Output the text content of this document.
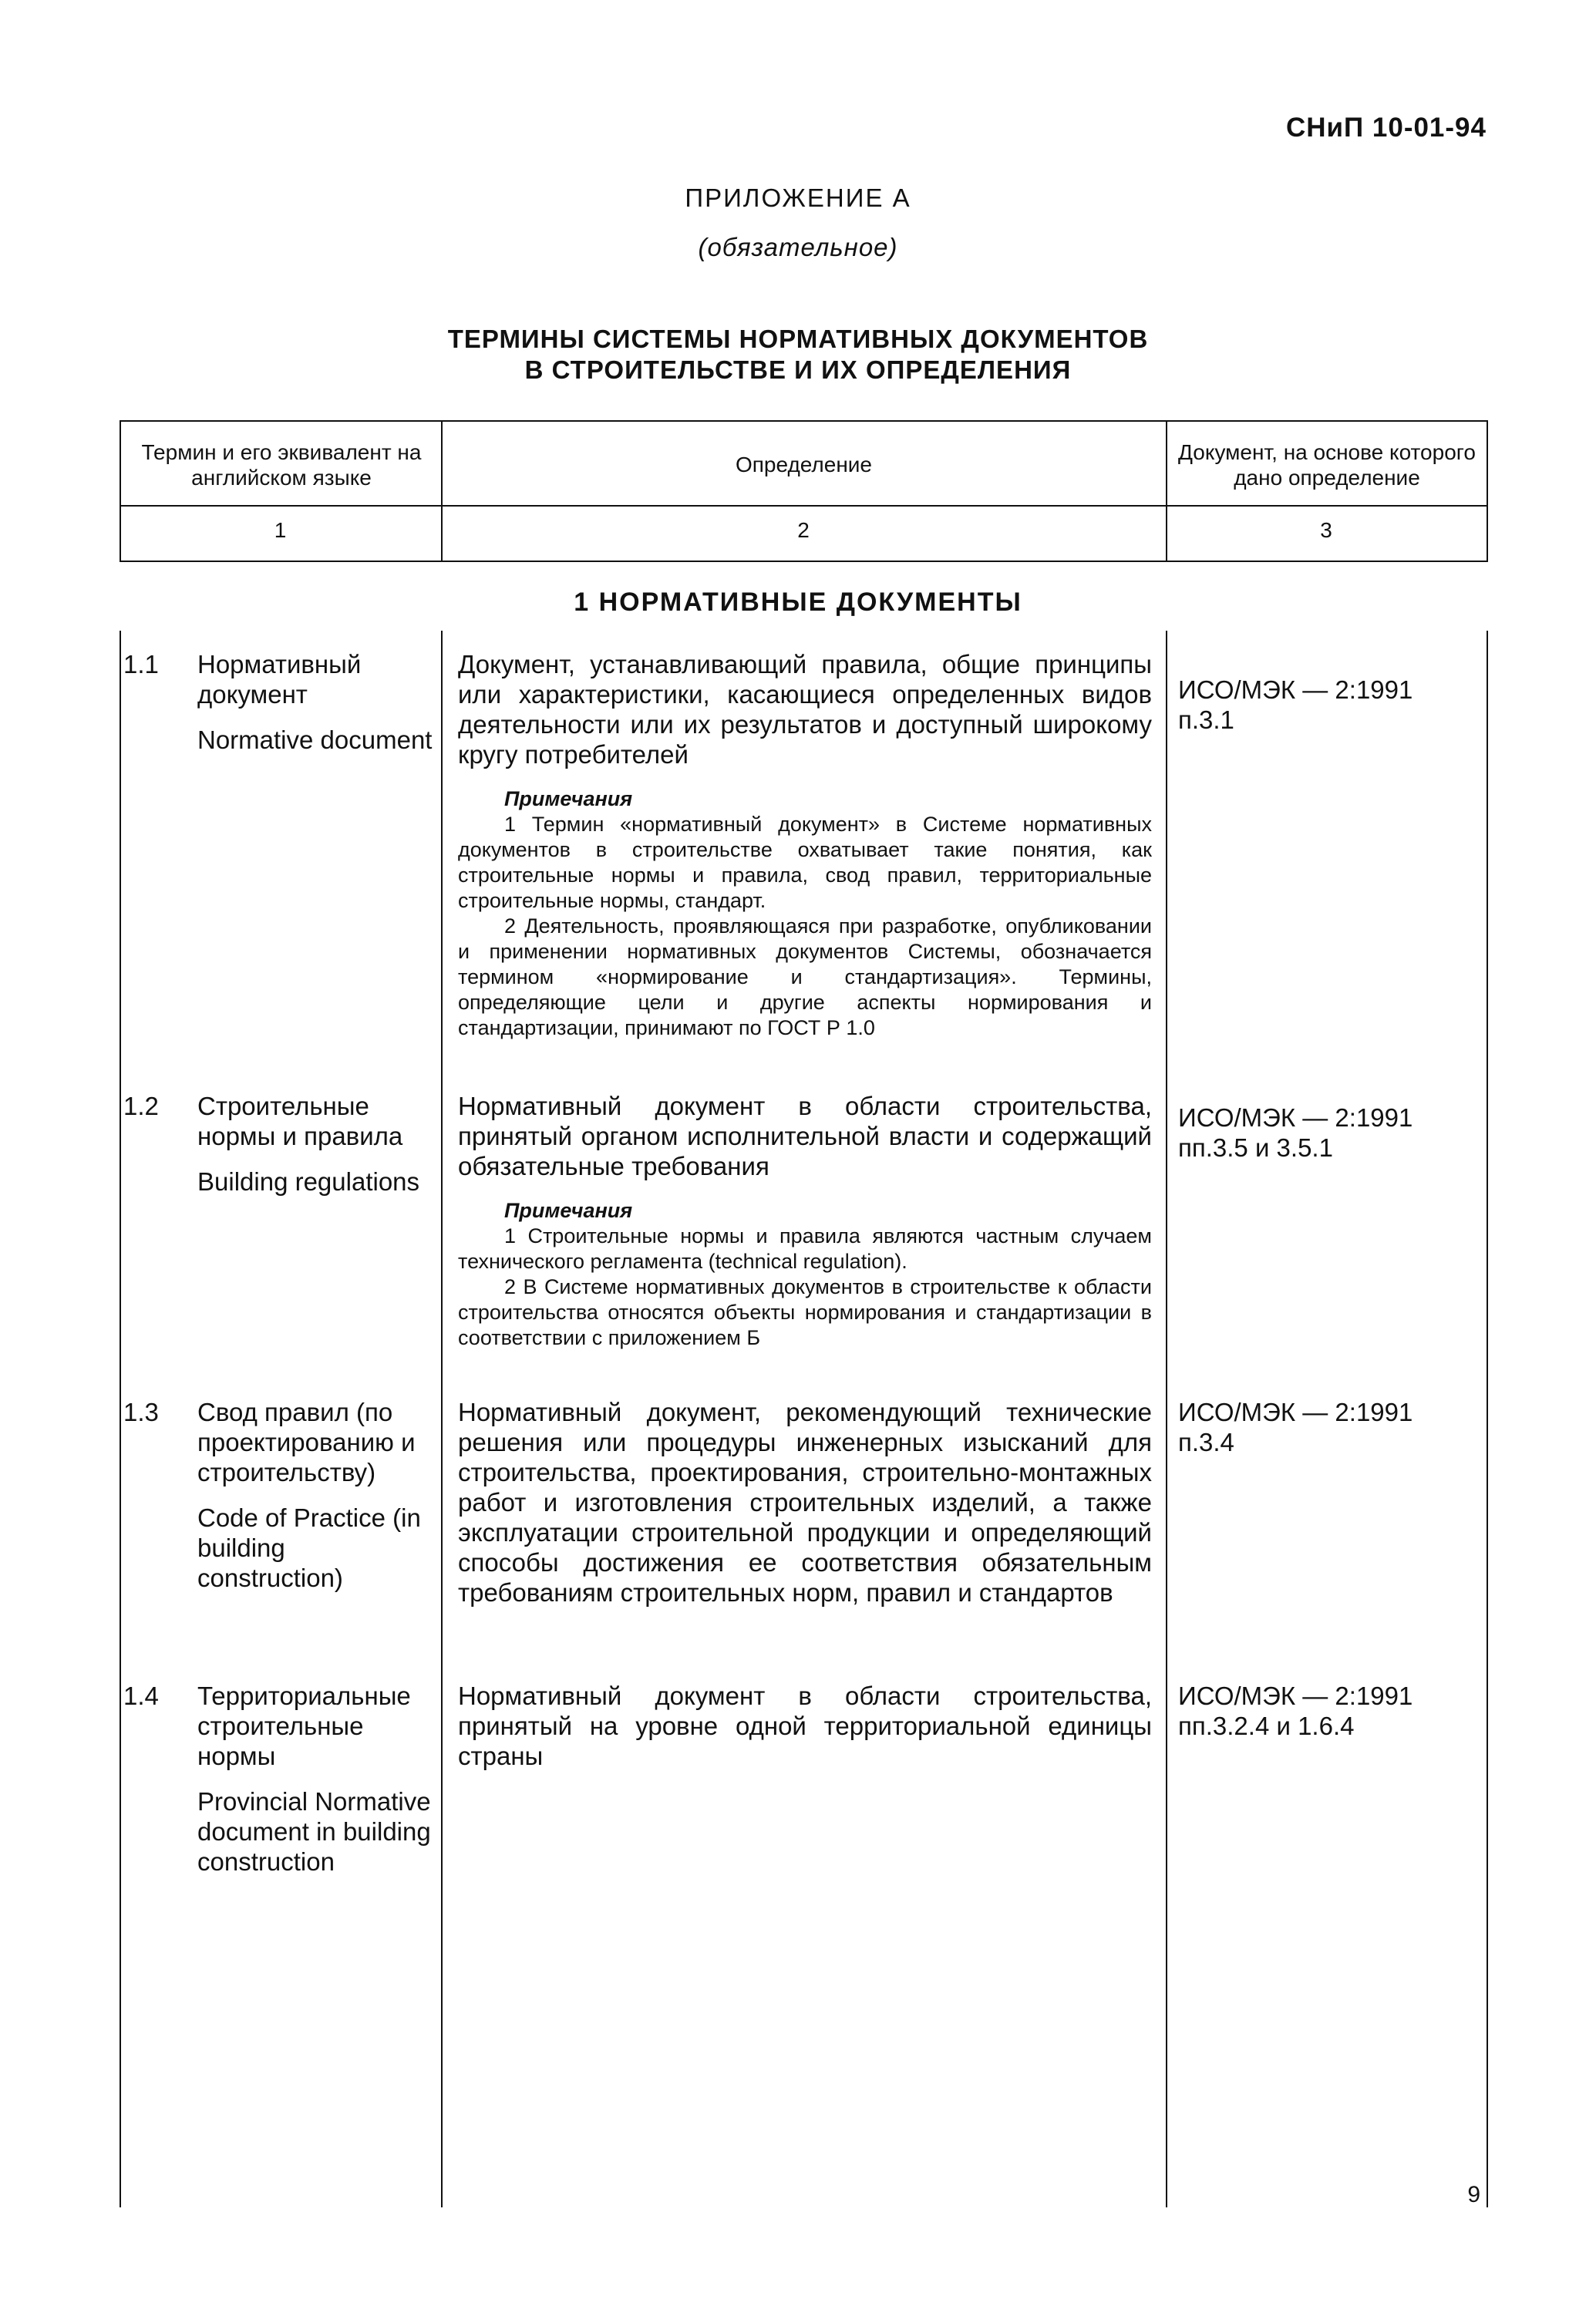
СНиП 10-01-94
ПРИЛОЖЕНИЕ А
(обязательное)
ТЕРМИНЫ СИСТЕМЫ НОРМАТИВНЫХ ДОКУМЕНТОВ
В СТРОИТЕЛЬСТВЕ И ИХ ОПРЕДЕЛЕНИЯ
Термин и его эквивалент на английском языке
Определение
Документ, на основе которого дано определение
1	2	3
1 НОРМАТИВНЫЕ ДОКУМЕНТЫ
1.1 Нормативный документ
Normative document
Документ, устанавливающий правила, общие принципы или характеристики, касающиеся определенных видов деятельности или их результатов и доступный широкому кругу потребителей
Примечания

1 Термин «нормативный документ» в Системе нормативных документов в строительстве охватывает такие понятия, как строительные нормы и правила, свод правил, территориальные строительные нормы, стандарт.

2 Деятельность, проявляющаяся при разработке, опубликовании и применении нормативных документов Системы, обозначается термином «нормирование и стандартизация». Термины, определяющие цели и другие аспекты нормирования и стандартизации, принимают по ГОСТ Р 1.0

ИСО/МЭК — 2:1991
п.3.1
1.2 Строительные нормы и правила
Building regulations
Нормативный документ в области строительства, принятый органом исполнительной власти и содержащий обязательные требования
Примечания

1 Строительные нормы и правила являются частным случаем технического регламента (technical regulation).

2 В Системе нормативных документов в строительстве к области строительства относятся объекты нормирования и стандартизации в соответствии с приложением Б

ИСО/МЭК — 2:1991
пп.3.5 и 3.5.1
1.3 Свод правил (по проектированию и строительству)
Code of Practice (in building construction)
Нормативный документ, рекомендующий технические решения или процедуры инженерных изысканий для строительства, проектирования, строительно-монтажных работ и изготовления строительных изделий, а также эксплуатации строительной продукции и определяющий способы достижения ее соответствия обязательным требованиям строительных норм, правил и стандартов
ИСО/МЭК — 2:1991
п.3.4
1.4 Территориальные строительные нормы
Provincial Normative document in building construction
Нормативный документ в области строительства, принятый на уровне одной территориальной единицы страны
ИСО/МЭК — 2:1991
пп.3.2.4 и 1.6.4
9
